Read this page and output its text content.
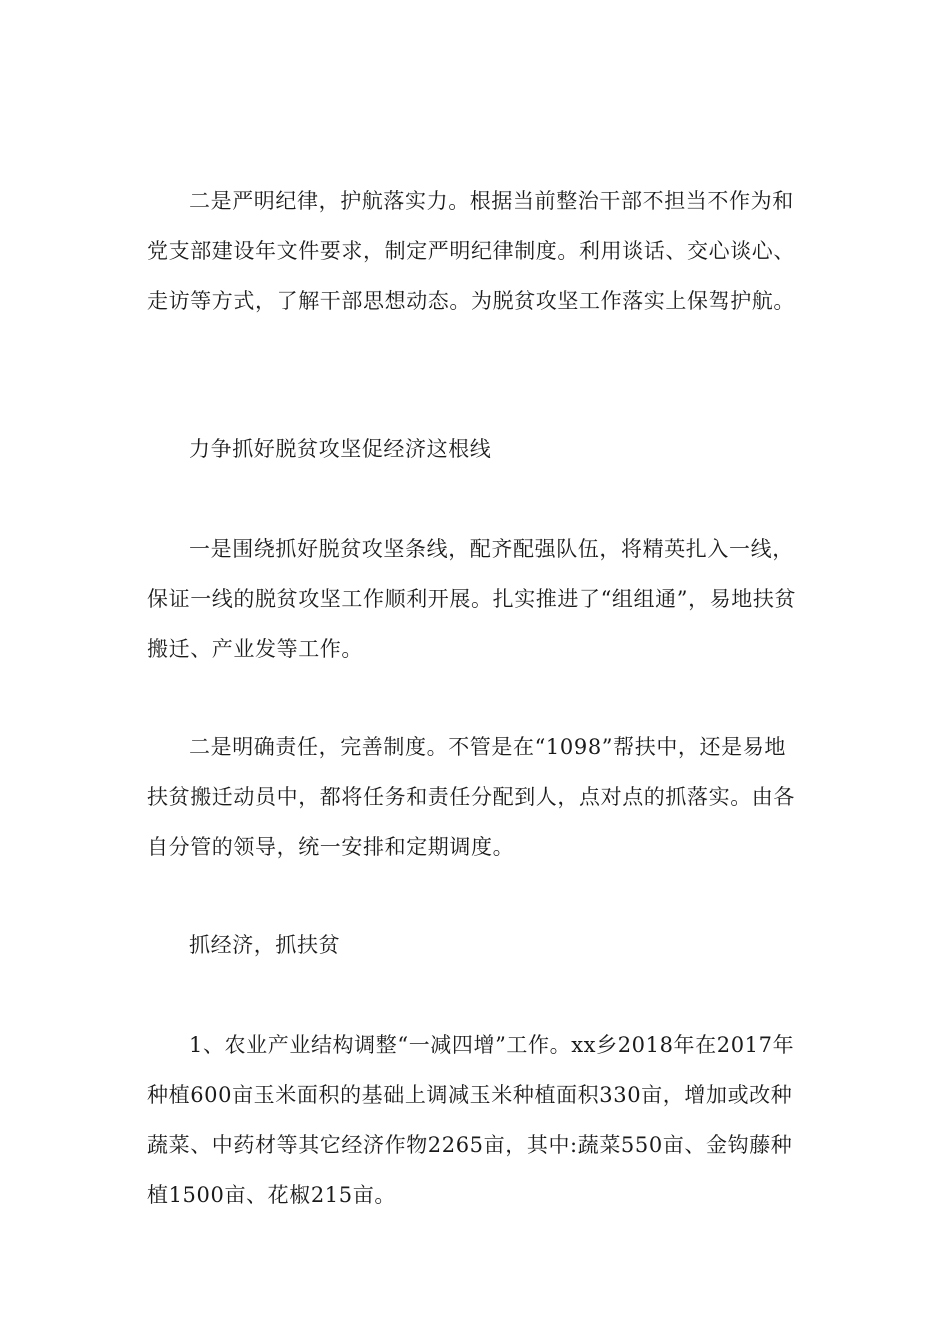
二是严明纪律，护航落实力。根据当前整治干部不担当不作为和党支部建设年文件要求，制定严明纪律制度。利用谈话、交心谈心、走访等方式，了解干部思想动态。为脱贫攻坚工作落实上保驾护航。

力争抓好脱贫攻坚促经济这根线

一是围绕抓好脱贫攻坚条线，配齐配强队伍，将精英扎入一线，保证一线的脱贫攻坚工作顺利开展。扎实推进了“组组通”，易地扶贫搬迁、产业发等工作。

二是明确责任，完善制度。不管是在“1098”帮扶中，还是易地扶贫搬迁动员中，都将任务和责任分配到人，点对点的抓落实。由各自分管的领导，统一安排和定期调度。

抓经济，抓扶贫

1、农业产业结构调整“一减四增”工作。xx乡2018年在2017年种植600亩玉米面积的基础上调减玉米种植面积330亩，增加或改种蔬菜、中药材等其它经济作物2265亩，其中:蔬菜550亩、金钩藤种植1500亩、花椒215亩。
